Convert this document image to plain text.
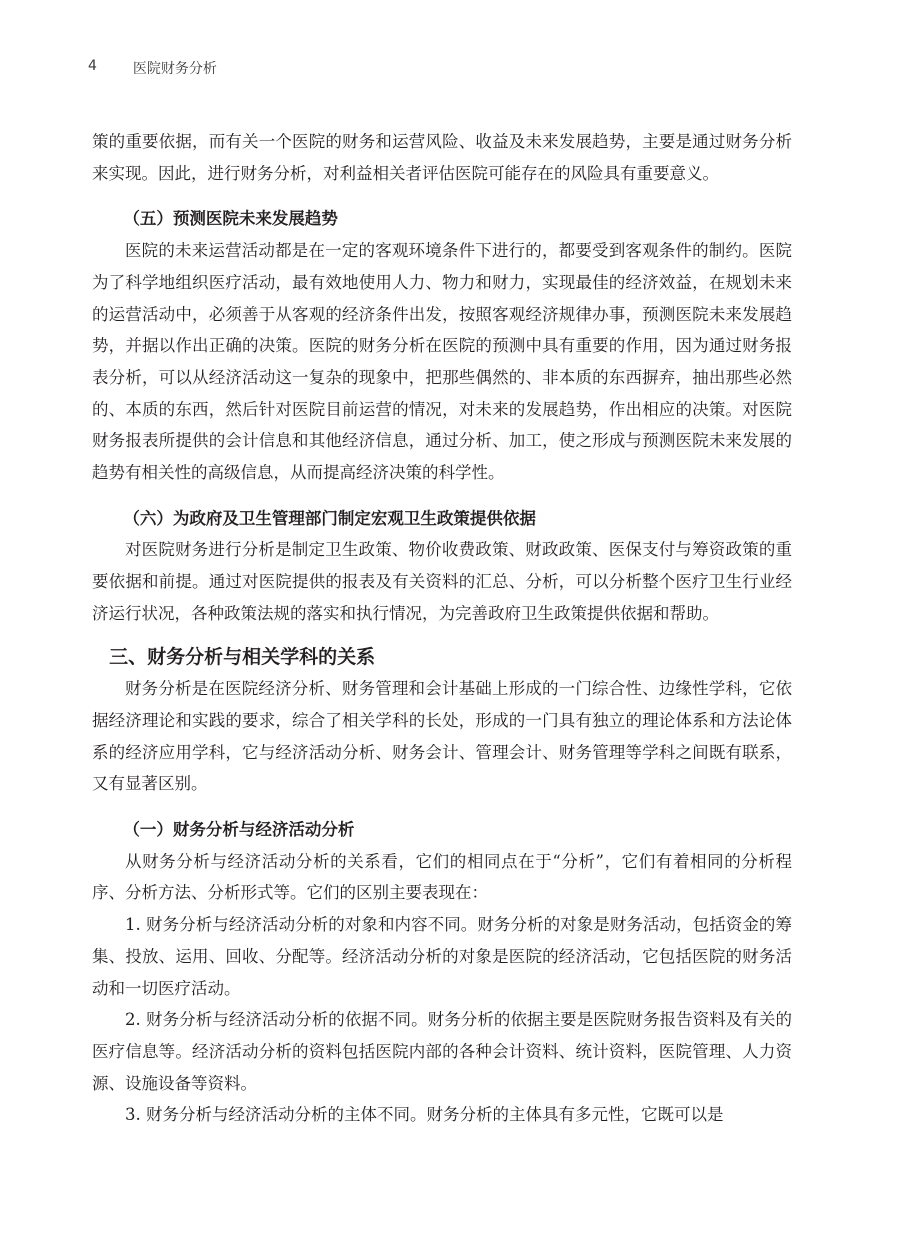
4	医院财务分析

策的重要依据，而有关一个医院的财务和运营风险、收益及未来发展趋势，主要是通过财务分析来实现。因此，进行财务分析，对利益相关者评估医院可能存在的风险具有重要意义。

（五）预测医院未来发展趋势

医院的未来运营活动都是在一定的客观环境条件下进行的，都要受到客观条件的制约。医院为了科学地组织医疗活动，最有效地使用人力、物力和财力，实现最佳的经济效益，在规划未来的运营活动中，必须善于从客观的经济条件出发，按照客观经济规律办事，预测医院未来发展趋势，并据以作出正确的决策。医院的财务分析在医院的预测中具有重要的作用，因为通过财务报表分析，可以从经济活动这一复杂的现象中，把那些偶然的、非本质的东西摒弃，抽出那些必然的、本质的东西，然后针对医院目前运营的情况，对未来的发展趋势，作出相应的决策。对医院财务报表所提供的会计信息和其他经济信息，通过分析、加工，使之形成与预测医院未来发展的趋势有相关性的高级信息，从而提高经济决策的科学性。

（六）为政府及卫生管理部门制定宏观卫生政策提供依据

对医院财务进行分析是制定卫生政策、物价收费政策、财政政策、医保支付与筹资政策的重要依据和前提。通过对医院提供的报表及有关资料的汇总、分析，可以分析整个医疗卫生行业经济运行状况，各种政策法规的落实和执行情况，为完善政府卫生政策提供依据和帮助。

三、财务分析与相关学科的关系

财务分析是在医院经济分析、财务管理和会计基础上形成的一门综合性、边缘性学科，它依据经济理论和实践的要求，综合了相关学科的长处，形成的一门具有独立的理论体系和方法论体系的经济应用学科，它与经济活动分析、财务会计、管理会计、财务管理等学科之间既有联系，又有显著区别。

（一）财务分析与经济活动分析

从财务分析与经济活动分析的关系看，它们的相同点在于“分析”，它们有着相同的分析程序、分析方法、分析形式等。它们的区别主要表现在：

1. 财务分析与经济活动分析的对象和内容不同。财务分析的对象是财务活动，包括资金的筹集、投放、运用、回收、分配等。经济活动分析的对象是医院的经济活动，它包括医院的财务活动和一切医疗活动。

2. 财务分析与经济活动分析的依据不同。财务分析的依据主要是医院财务报告资料及有关的医疗信息等。经济活动分析的资料包括医院内部的各种会计资料、统计资料，医院管理、人力资源、设施设备等资料。

3. 财务分析与经济活动分析的主体不同。财务分析的主体具有多元性，它既可以是
